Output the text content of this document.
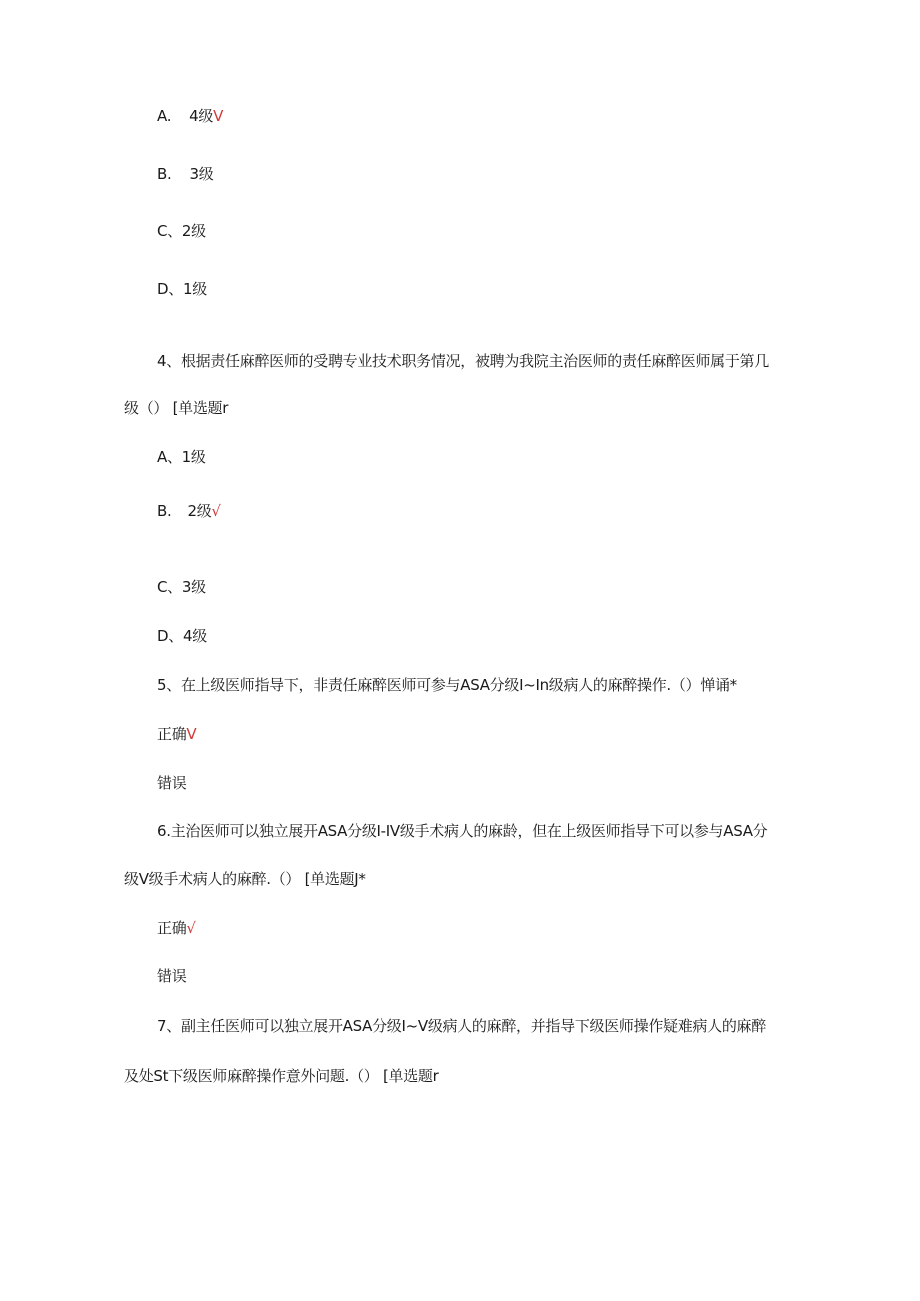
A. 4级V
B. 3级
C、2级
D、1级
4、根据责任麻醉医师的受聘专业技术职务情况，被聘为我院主治医师的责任麻醉医师属于第几
级（） [单选题r
A、1级
B. 2级√
C、3级
D、4级
5、在上级医师指导下，非责任麻醉医师可参与ASA分级I~In级病人的麻醉操作.（）惮诵*
正确V
错误
6.主治医师可以独立展开ASA分级I-IV级手术病人的麻龄，但在上级医师指导下可以参与ASA分
级V级手术病人的麻醉.（） [单选题J*
正确√
错误
7、副主任医师可以独立展开ASA分级I~V级病人的麻醉，并指导下级医师操作疑难病人的麻醉
及处St下级医师麻醉操作意外问题.（） [单选题r
